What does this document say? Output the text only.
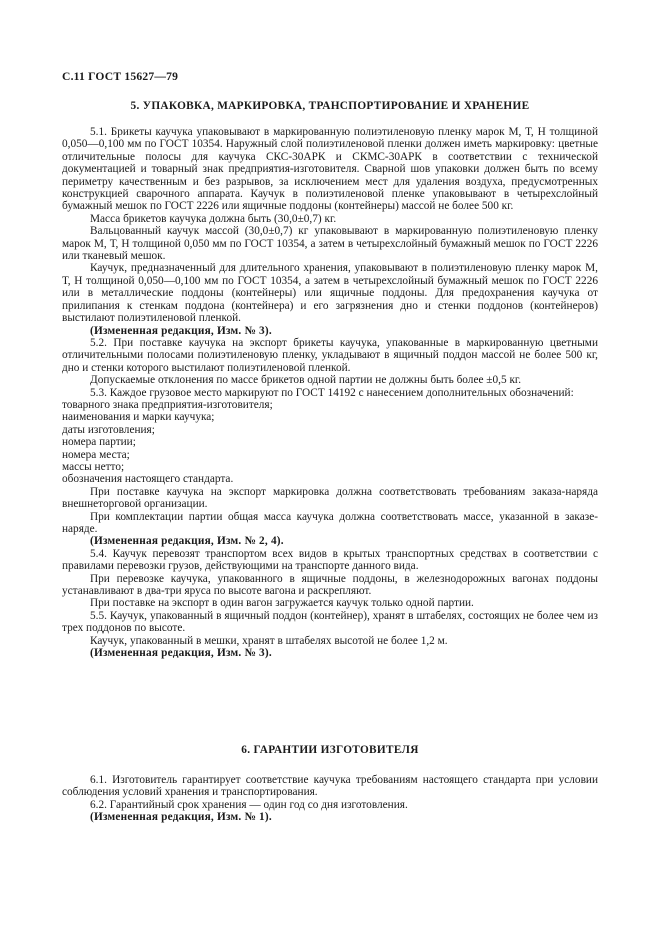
С.11 ГОСТ 15627—79
5. УПАКОВКА, МАРКИРОВКА, ТРАНСПОРТИРОВАНИЕ И ХРАНЕНИЕ

5.1. Брикеты каучука упаковывают в маркированную полиэтиленовую пленку марок М, Т, Н толщиной 0,050—0,100 мм по ГОСТ 10354. Наружный слой полиэтиленовой пленки должен иметь маркировку: цветные отличительные полосы для каучука СКС-30АРК и СКМС-30АРК в соответствии с технической документацией и товарный знак предприятия-изготовителя. Сварной шов упаковки должен быть по всему периметру качественным и без разрывов, за исключением мест для удаления воздуха, предусмотренных конструкцией сварочного аппарата. Каучук в полиэтиленовой пленке упаковывают в четырехслойный бумажный мешок по ГОСТ 2226 или ящичные поддоны (контейнеры) массой не более 500 кг.

Масса брикетов каучука должна быть (30,0±0,7) кг.

Вальцованный каучук массой (30,0±0,7) кг упаковывают в маркированную полиэтиленовую пленку марок М, Т, Н толщиной 0,050 мм по ГОСТ 10354, а затем в четырехслойный бумажный мешок по ГОСТ 2226 или тканевый мешок.

Каучук, предназначенный для длительного хранения, упаковывают в полиэтиленовую пленку марок М, Т, Н толщиной 0,050—0,100 мм по ГОСТ 10354, а затем в четырехслойный бумажный мешок по ГОСТ 2226 или в металлические поддоны (контейнеры) или ящичные поддоны. Для предохранения каучука от прилипания к стенкам поддона (контейнера) и его загрязнения дно и стенки поддонов (контейнеров) выстилают полиэтиленовой пленкой.

(Измененная редакция, Изм. № 3).

5.2. При поставке каучука на экспорт брикеты каучука, упакованные в маркированную цветными отличительными полосами полиэтиленовую пленку, укладывают в ящичный поддон массой не более 500 кг, дно и стенки которого выстилают полиэтиленовой пленкой.

Допускаемые отклонения по массе брикетов одной партии не должны быть более ±0,5 кг.

5.3. Каждое грузовое место маркируют по ГОСТ 14192 с нанесением дополнительных обозначений:

товарного знака предприятия-изготовителя;

наименования и марки каучука;

даты изготовления;

номера партии;

номера места;

массы нетто;

обозначения настоящего стандарта.

При поставке каучука на экспорт маркировка должна соответствовать требованиям заказа-наряда внешнеторговой организации.

При комплектации партии общая масса каучука должна соответствовать массе, указанной в заказе-наряде.

(Измененная редакция, Изм. № 2, 4).

5.4. Каучук перевозят транспортом всех видов в крытых транспортных средствах в соответствии с правилами перевозки грузов, действующими на транспорте данного вида.

При перевозке каучука, упакованного в ящичные поддоны, в железнодорожных вагонах поддоны устанавливают в два-три яруса по высоте вагона и раскрепляют.

При поставке на экспорт в один вагон загружается каучук только одной партии.

5.5. Каучук, упакованный в ящичный поддон (контейнер), хранят в штабелях, состоящих не более чем из трех поддонов по высоте.

Каучук, упакованный в мешки, хранят в штабелях высотой не более 1,2 м.

(Измененная редакция, Изм. № 3).

6. ГАРАНТИИ ИЗГОТОВИТЕЛЯ

6.1. Изготовитель гарантирует соответствие каучука требованиям настоящего стандарта при условии соблюдения условий хранения и транспортирования.

6.2. Гарантийный срок хранения — один год со дня изготовления.

(Измененная редакция, Изм. № 1).
